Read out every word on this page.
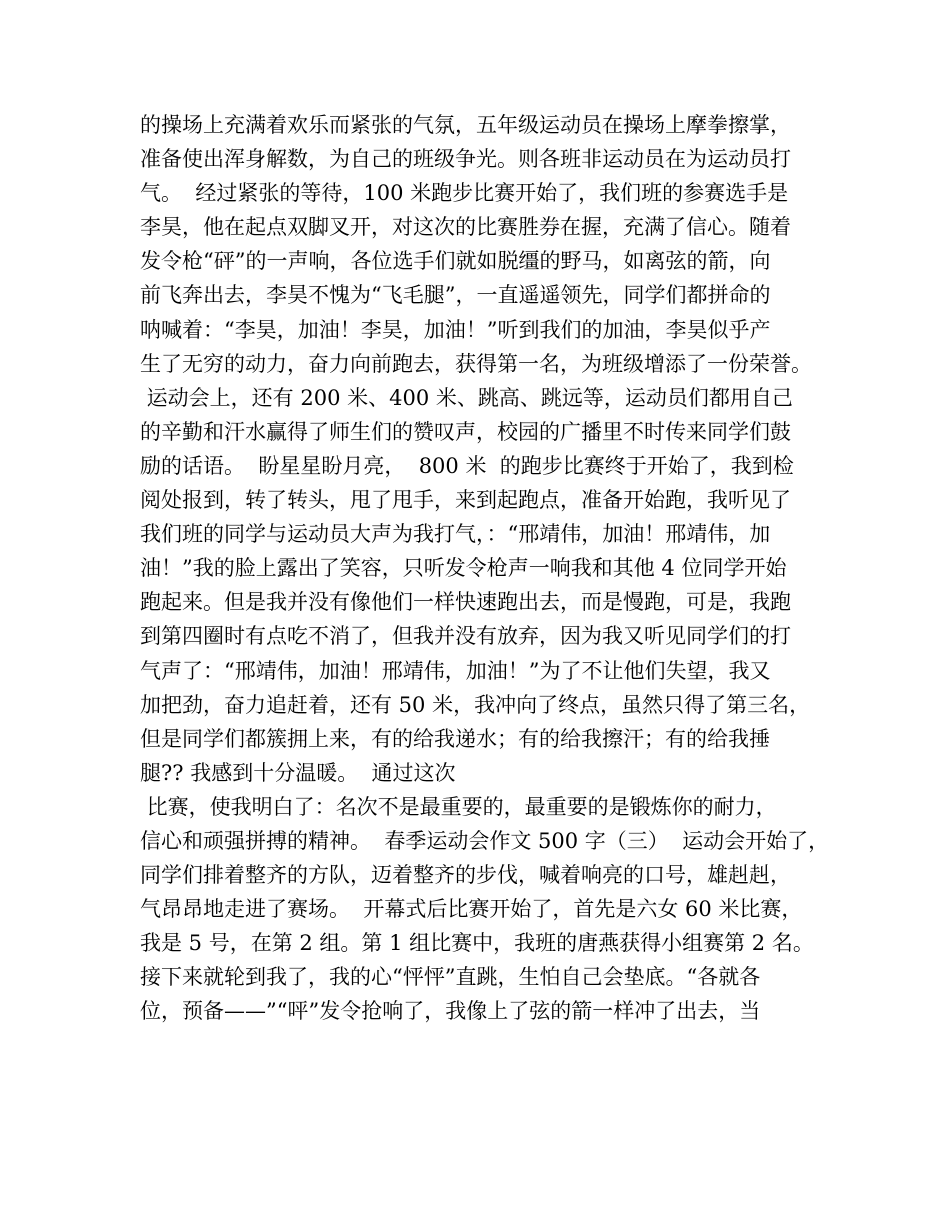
的操场上充满着欢乐而紧张的气氛，五年级运动员在操场上摩拳擦掌，
准备使出浑身解数，为自己的班级争光。则各班非运动员在为运动员打
气。  经过紧张的等待，100 米跑步比赛开始了，我们班的参赛选手是
李昊，他在起点双脚叉开，对这次的比赛胜券在握，充满了信心。随着
发令枪“砰”的一声响，各位选手们就如脱缰的野马，如离弦的箭，向
前飞奔出去，李昊不愧为“飞毛腿”，一直遥遥领先，同学们都拼命的
呐喊着：“李昊，加油！李昊，加油！”听到我们的加油，李昊似乎产
生了无穷的动力，奋力向前跑去，获得第一名，为班级增添了一份荣誉。
运动会上，还有 200 米、400 米、跳高、跳远等，运动员们都用自己
的辛勤和汗水赢得了师生们的赞叹声，校园的广播里不时传来同学们鼓
励的话语。  盼星星盼月亮，  800 米  的跑步比赛终于开始了，我到检
阅处报到，转了转头，甩了甩手，来到起跑点，准备开始跑，我听见了
我们班的同学与运动员大声为我打气，：“邢靖伟，加油！邢靖伟，加
油！”我的脸上露出了笑容，只听发令枪声一响我和其他 4 位同学开始
跑起来。但是我并没有像他们一样快速跑出去，而是慢跑，可是，我跑
到第四圈时有点吃不消了，但我并没有放弃，因为我又听见同学们的打
气声了：“邢靖伟，加油！邢靖伟，加油！”为了不让他们失望，我又
加把劲，奋力追赶着，还有 50 米，我冲向了终点，虽然只得了第三名，
但是同学们都簇拥上来，有的给我递水；有的给我擦汗；有的给我捶
腿?? 我感到十分温暖。  通过这次
比赛，使我明白了：名次不是最重要的，最重要的是锻炼你的耐力，
信心和顽强拼搏的精神。  春季运动会作文 500 字（三）  运动会开始了，
同学们排着整齐的方队，迈着整齐的步伐，喊着响亮的口号，雄赳赳，
气昂昂地走进了赛场。  开幕式后比赛开始了，首先是六女 60 米比赛，
我是 5 号，在第 2 组。第 1 组比赛中，我班的唐燕获得小组赛第 2 名。
接下来就轮到我了，我的心“怦怦”直跳，生怕自己会垫底。“各就各
位，预备——”“呯”发令抢响了，我像上了弦的箭一样冲了出去，当
